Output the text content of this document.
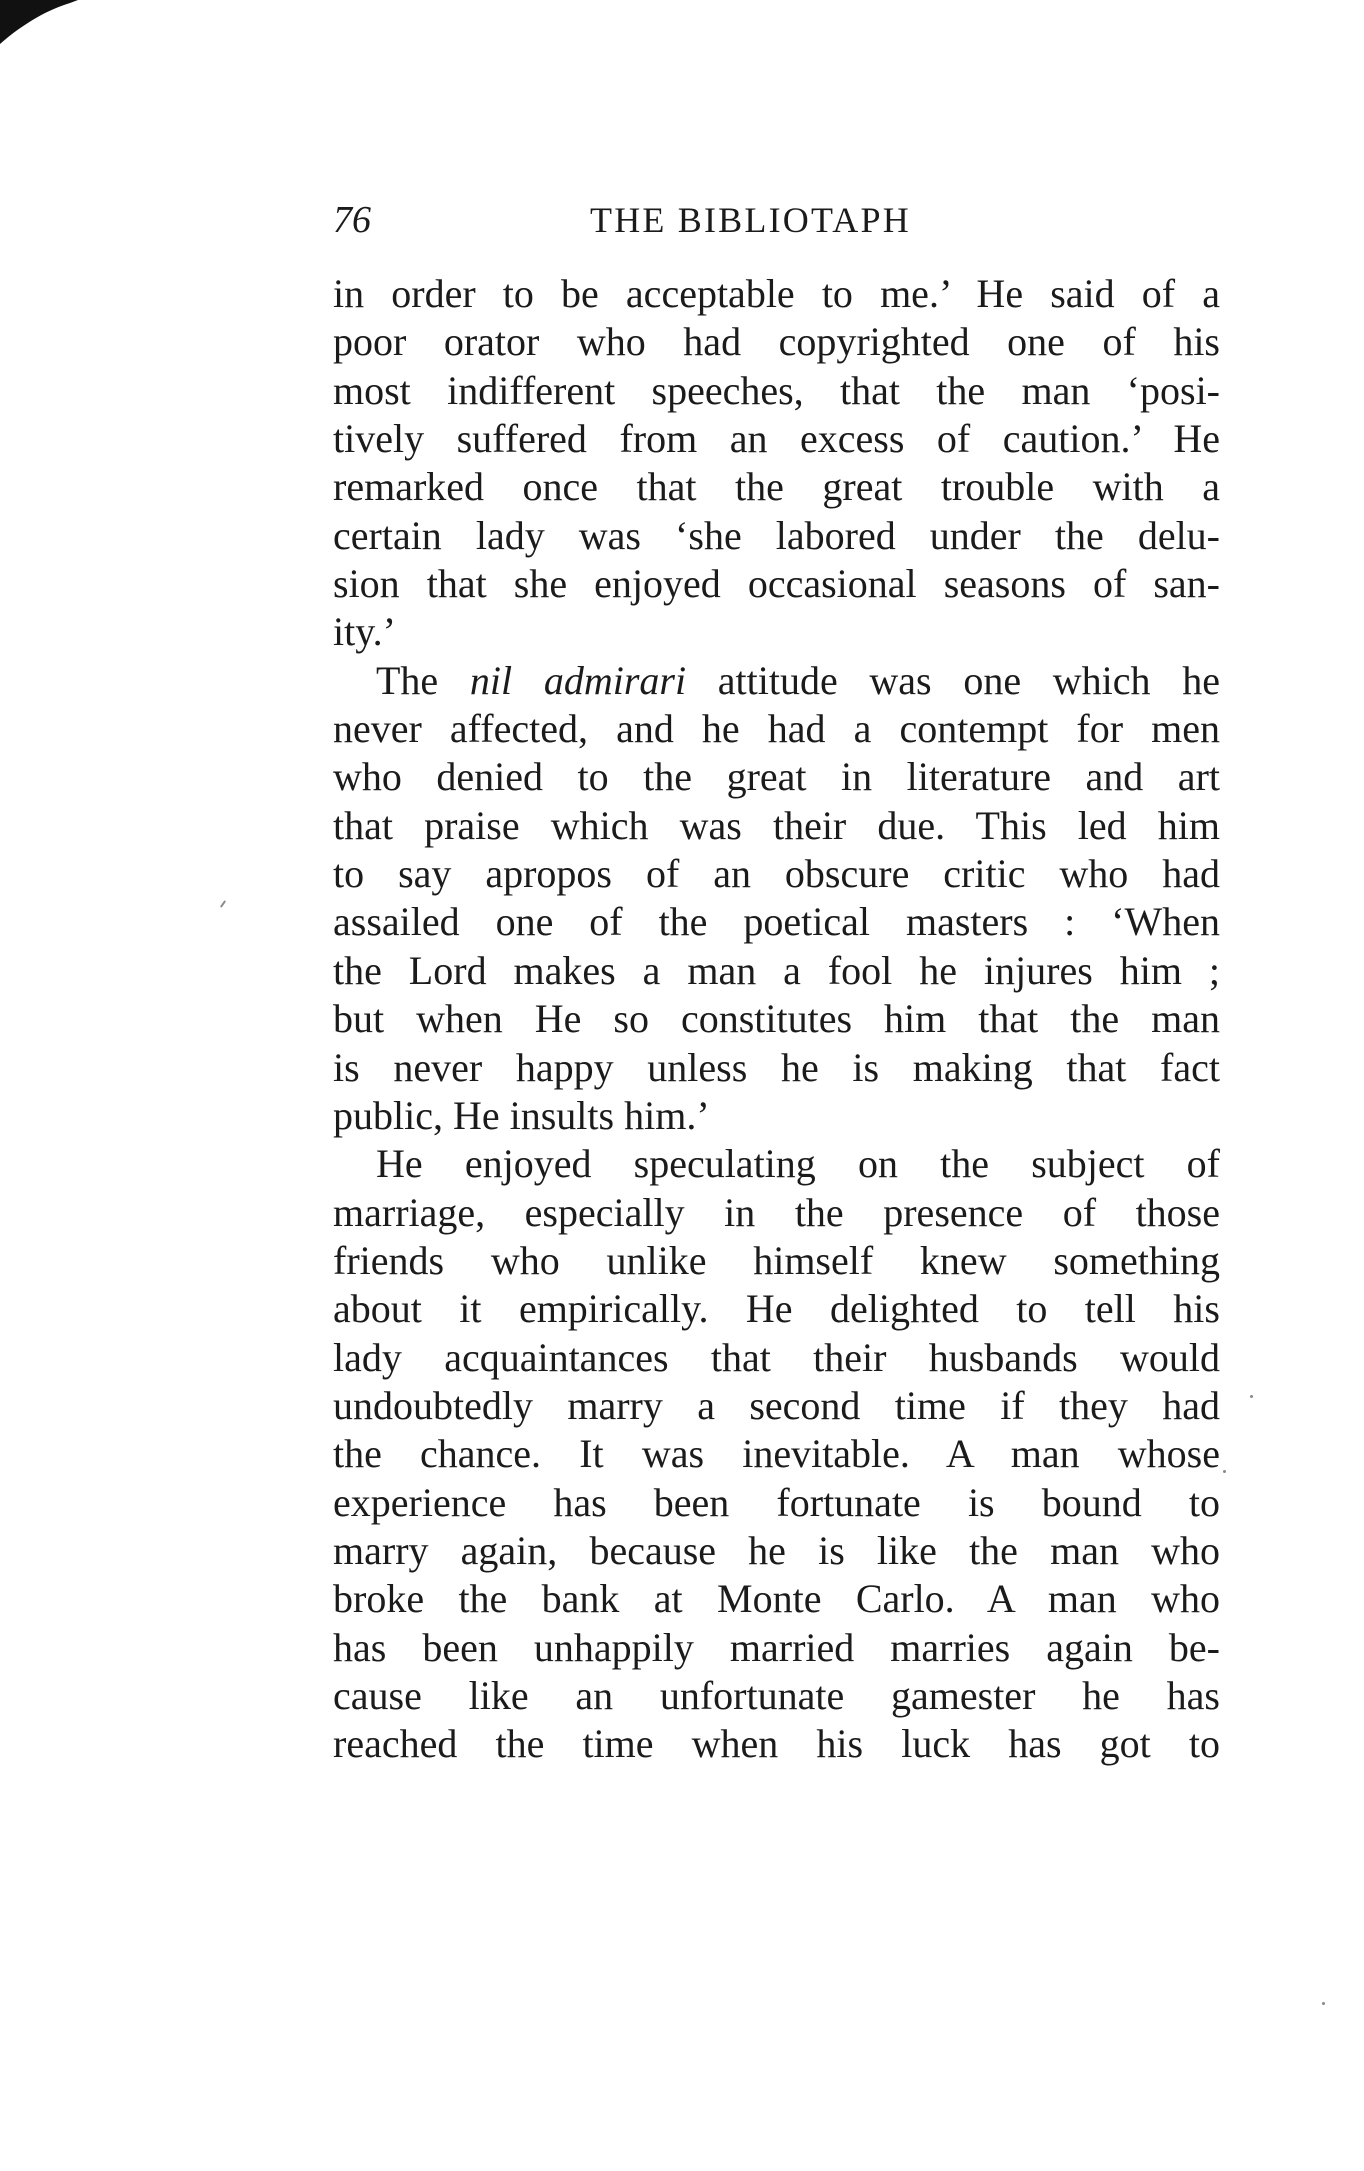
76	THE BIBLIOTAPH
in order to be acceptable to me.’ He said of a
poor orator who had copyrighted one of his
most indifferent speeches, that the man ‘posi-
tively suffered from an excess of caution.’ He
remarked once that the great trouble with a
certain lady was ‘she labored under the delu-
sion that she enjoyed occasional seasons of san-
ity.’
The nil admirari attitude was one which he
never affected, and he had a contempt for men
who denied to the great in literature and art
that praise which was their due. This led him
to say apropos of an obscure critic who had
assailed one of the poetical masters : ‘When
the Lord makes a man a fool he injures him ;
but when He so constitutes him that the man
is never happy unless he is making that fact
public, He insults him.’
He enjoyed speculating on the subject of
marriage, especially in the presence of those
friends who unlike himself knew something
about it empirically. He delighted to tell his
lady acquaintances that their husbands would
undoubtedly marry a second time if they had
the chance. It was inevitable. A man whose
experience has been fortunate is bound to
marry again, because he is like the man who
broke the bank at Monte Carlo. A man who
has been unhappily married marries again be-
cause like an unfortunate gamester he has
reached the time when his luck has got to
